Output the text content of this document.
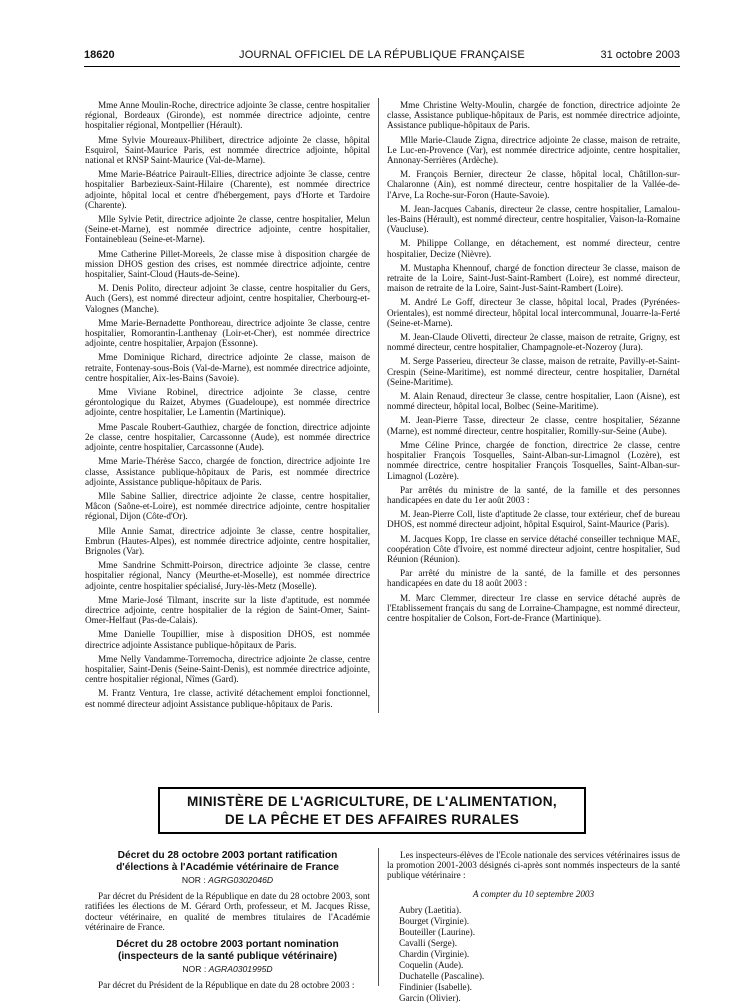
18620	JOURNAL OFFICIEL DE LA RÉPUBLIQUE FRANÇAISE	31 octobre 2003

Mme Anne Moulin-Roche, directrice adjointe 3e classe, centre hospitalier régional, Bordeaux (Gironde), est nommée directrice adjointe, centre hospitalier régional, Montpellier (Hérault).

Mme Sylvie Moureaux-Philibert, directrice adjointe 2e classe, hôpital Esquirol, Saint-Maurice Paris, est nommée directrice adjointe, hôpital national et RNSP Saint-Maurice (Val-de-Marne).

Mme Marie-Béatrice Pairault-Ellies, directrice adjointe 3e classe, centre hospitalier Barbezieux-Saint-Hilaire (Charente), est nommée directrice adjointe, hôpital local et centre d'hébergement, pays d'Horte et Tardoire (Charente).

Mlle Sylvie Petit, directrice adjointe 2e classe, centre hospitalier, Melun (Seine-et-Marne), est nommée directrice adjointe, centre hospitalier, Fontainebleau (Seine-et-Marne).

Mme Catherine Pillet-Moreels, 2e classe mise à disposition chargée de mission DHOS gestion des crises, est nommée directrice adjointe, centre hospitalier, Saint-Cloud (Hauts-de-Seine).

M. Denis Polito, directeur adjoint 3e classe, centre hospitalier du Gers, Auch (Gers), est nommé directeur adjoint, centre hospitalier, Cherbourg-et-Valognes (Manche).

Mme Marie-Bernadette Ponthoreau, directrice adjointe 3e classe, centre hospitalier, Romorantin-Lanthenay (Loir-et-Cher), est nommée directrice adjointe, centre hospitalier, Arpajon (Essonne).

Mme Dominique Richard, directrice adjointe 2e classe, maison de retraite, Fontenay-sous-Bois (Val-de-Marne), est nommée directrice adjointe, centre hospitalier, Aix-les-Bains (Savoie).

Mme Viviane Robinel, directrice adjointe 3e classe, centre gérontologique du Raizet, Abymes (Guadeloupe), est nommée directrice adjointe, centre hospitalier, Le Lamentin (Martinique).

Mme Pascale Roubert-Gauthiez, chargée de fonction, directrice adjointe 2e classe, centre hospitalier, Carcassonne (Aude), est nommée directrice adjointe, centre hospitalier, Carcassonne (Aude).

Mme Marie-Thérèse Sacco, chargée de fonction, directrice adjointe 1re classe, Assistance publique-hôpitaux de Paris, est nommée directrice adjointe, Assistance publique-hôpitaux de Paris.

Mlle Sabine Sallier, directrice adjointe 2e classe, centre hospitalier, Mâcon (Saône-et-Loire), est nommée directrice adjointe, centre hospitalier régional, Dijon (Côte-d'Or).

Mlle Annie Samat, directrice adjointe 3e classe, centre hospitalier, Embrun (Hautes-Alpes), est nommée directrice adjointe, centre hospitalier, Brignoles (Var).

Mme Sandrine Schmitt-Poirson, directrice adjointe 3e classe, centre hospitalier régional, Nancy (Meurthe-et-Moselle), est nommée directrice adjointe, centre hospitalier spécialisé, Jury-lès-Metz (Moselle).

Mme Marie-José Tilmant, inscrite sur la liste d'aptitude, est nommée directrice adjointe, centre hospitalier de la région de Saint-Omer, Saint-Omer-Helfaut (Pas-de-Calais).

Mme Danielle Toupillier, mise à disposition DHOS, est nommée directrice adjointe Assistance publique-hôpitaux de Paris.

Mme Nelly Vandamme-Torremocha, directrice adjointe 2e classe, centre hospitalier, Saint-Denis (Seine-Saint-Denis), est nommée directrice adjointe, centre hospitalier régional, Nîmes (Gard).

M. Frantz Ventura, 1re classe, activité détachement emploi fonctionnel, est nommé directeur adjoint Assistance publique-hôpitaux de Paris.

Mme Christine Welty-Moulin, chargée de fonction, directrice adjointe 2e classe, Assistance publique-hôpitaux de Paris, est nommée directrice adjointe, Assistance publique-hôpitaux de Paris.

Mlle Marie-Claude Zigna, directrice adjointe 2e classe, maison de retraite, Le Luc-en-Provence (Var), est nommée directrice adjointe, centre hospitalier, Annonay-Serrières (Ardèche).

M. François Bernier, directeur 2e classe, hôpital local, Châtillon-sur-Chalaronne (Ain), est nommé directeur, centre hospitalier de la Vallée-de-l'Arve, La Roche-sur-Foron (Haute-Savoie).

M. Jean-Jacques Cabanis, directeur 2e classe, centre hospitalier, Lamalou-les-Bains (Hérault), est nommé directeur, centre hospitalier, Vaison-la-Romaine (Vaucluse).

M. Philippe Collange, en détachement, est nommé directeur, centre hospitalier, Decize (Nièvre).

M. Mustapha Khennouf, chargé de fonction directeur 3e classe, maison de retraite de la Loire, Saint-Just-Saint-Rambert (Loire), est nommé directeur, maison de retraite de la Loire, Saint-Just-Saint-Rambert (Loire).

M. André Le Goff, directeur 3e classe, hôpital local, Prades (Pyrénées-Orientales), est nommé directeur, hôpital local intercommunal, Jouarre-la-Ferté (Seine-et-Marne).

M. Jean-Claude Olivetti, directeur 2e classe, maison de retraite, Grigny, est nommé directeur, centre hospitalier, Champagnole-et-Nozeroy (Jura).

M. Serge Passerieu, directeur 3e classe, maison de retraite, Pavilly-et-Saint-Crespin (Seine-Maritime), est nommé directeur, centre hospitalier, Darnétal (Seine-Maritime).

M. Alain Renaud, directeur 3e classe, centre hospitalier, Laon (Aisne), est nommé directeur, hôpital local, Bolbec (Seine-Maritime).

M. Jean-Pierre Tasse, directeur 2e classe, centre hospitalier, Sézanne (Marne), est nommé directeur, centre hospitalier, Romilly-sur-Seine (Aube).

Mme Céline Prince, chargée de fonction, directrice 2e classe, centre hospitalier François Tosquelles, Saint-Alban-sur-Limagnol (Lozère), est nommée directrice, centre hospitalier François Tosquelles, Saint-Alban-sur-Limagnol (Lozère).

Par arrêtés du ministre de la santé, de la famille et des personnes handicapées en date du 1er août 2003 :

M. Jean-Pierre Coll, liste d'aptitude 2e classe, tour extérieur, chef de bureau DHOS, est nommé directeur adjoint, hôpital Esquirol, Saint-Maurice (Paris).

M. Jacques Kopp, 1re classe en service détaché conseiller technique MAE, coopération Côte d'Ivoire, est nommé directeur adjoint, centre hospitalier, Sud Réunion (Réunion).

Par arrêté du ministre de la santé, de la famille et des personnes handicapées en date du 18 août 2003 :

M. Marc Clemmer, directeur 1re classe en service détaché auprès de l'Etablissement français du sang de Lorraine-Champagne, est nommé directeur, centre hospitalier de Colson, Fort-de-France (Martinique).

MINISTÈRE DE L'AGRICULTURE, DE L'ALIMENTATION,
DE LA PÊCHE ET DES AFFAIRES RURALES

Décret du 28 octobre 2003 portant ratification
d'élections à l'Académie vétérinaire de France

NOR : AGRG0302046D

Par décret du Président de la République en date du 28 octobre 2003, sont ratifiées les élections de M. Gérard Orth, professeur, et M. Jacques Risse, docteur vétérinaire, en qualité de membres titulaires de l'Académie vétérinaire de France.

Décret du 28 octobre 2003 portant nomination
(inspecteurs de la santé publique vétérinaire)

NOR : AGRA0301995D

Par décret du Président de la République en date du 28 octobre 2003 :

Les inspecteurs-élèves de l'Ecole nationale des services vétérinaires issus de la promotion 2001-2003 désignés ci-après sont nommés inspecteurs de la santé publique vétérinaire :

A compter du 10 septembre 2003

Aubry (Laetitia).
Bourget (Virginie).
Bouteiller (Laurine).
Cavalli (Serge).
Chardin (Virginie).
Coquelin (Aude).
Duchatelle (Pascaline).
Findinier (Isabelle).
Garcin (Olivier).
